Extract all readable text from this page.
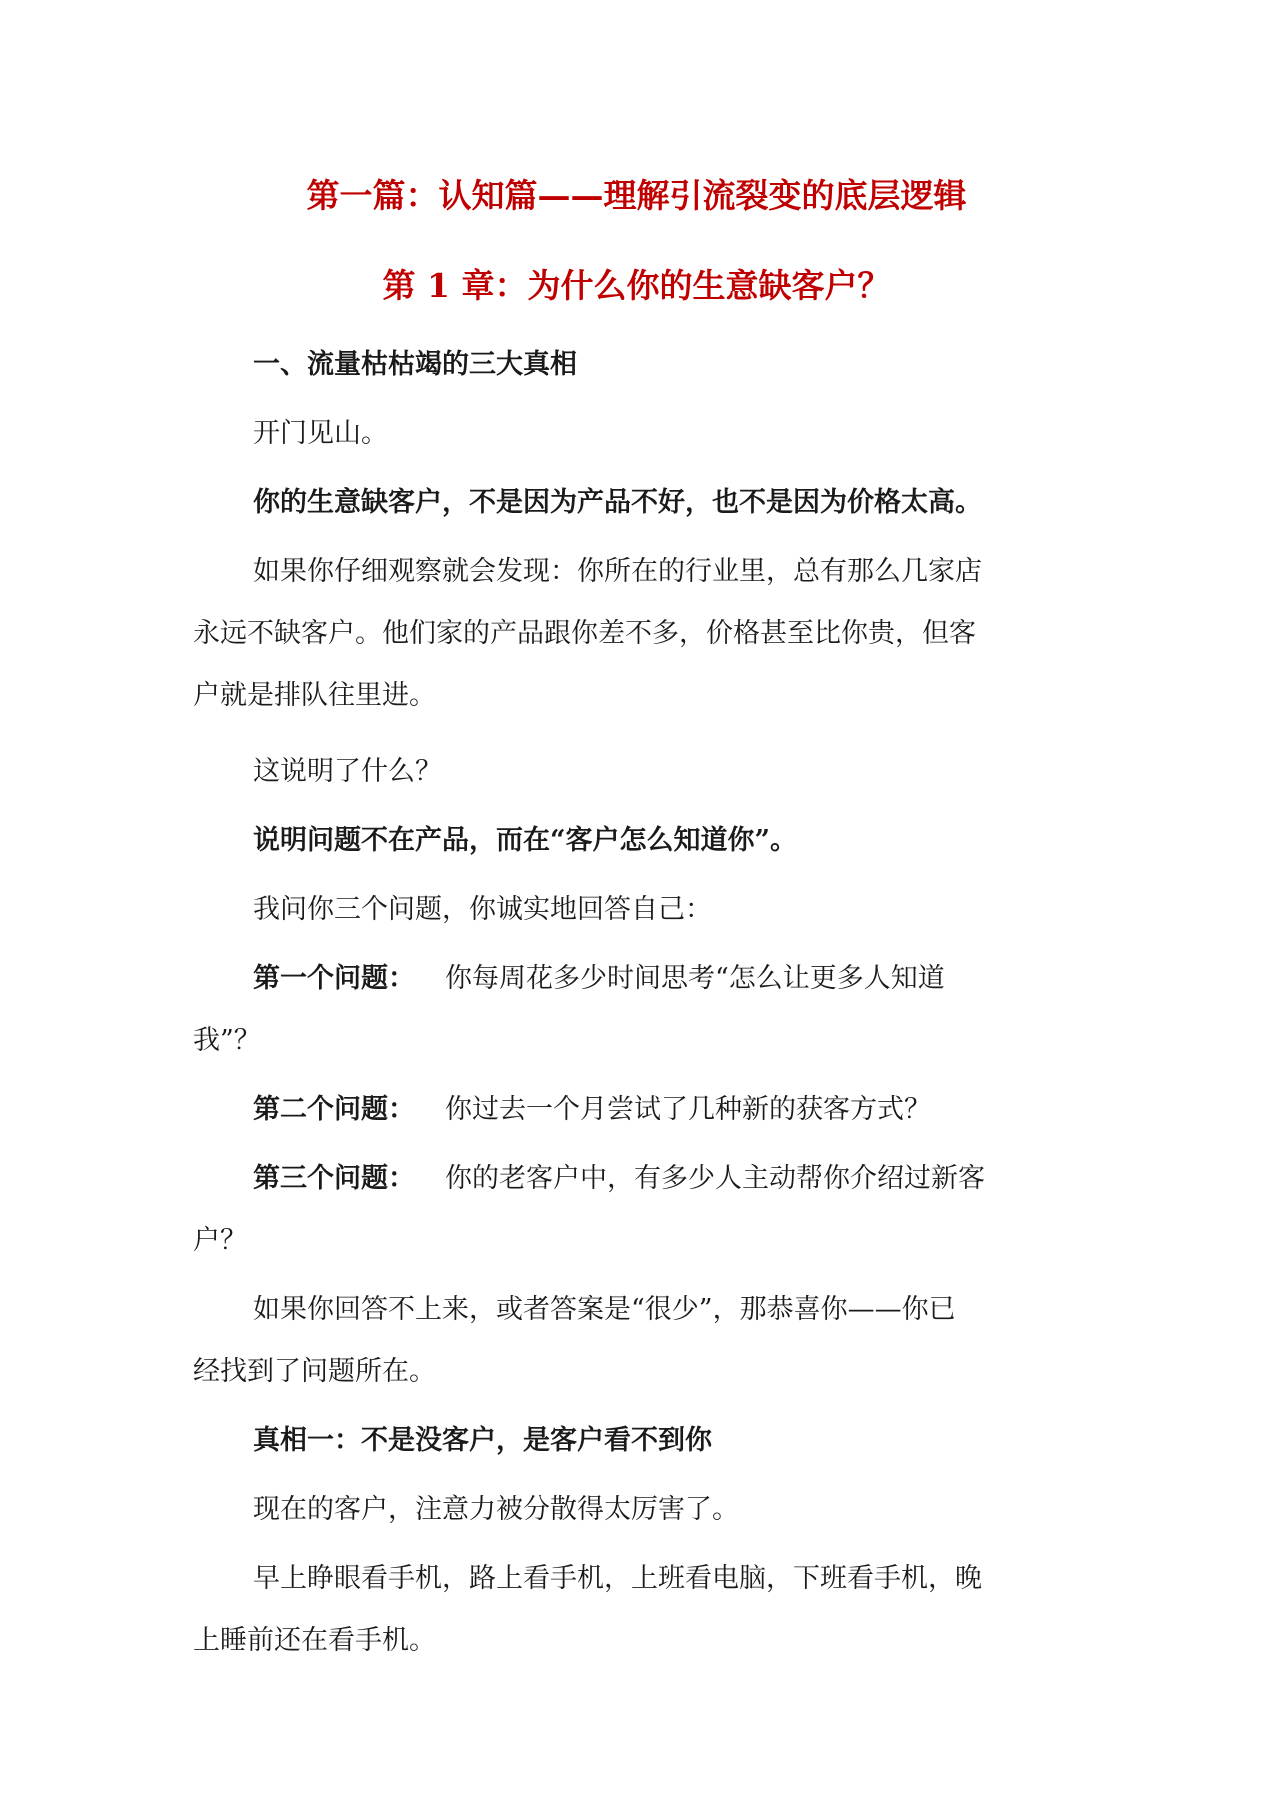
第一篇：认知篇——理解引流裂变的底层逻辑
第 1 章：为什么你的生意缺客户？
一、流量枯枯竭的三大真相
开门见山。
你的生意缺客户，不是因为产品不好，也不是因为价格太高。
如果你仔细观察就会发现：你所在的行业里，总有那么几家店
永远不缺客户。他们家的产品跟你差不多，价格甚至比你贵，但客
户就是排队往里进。
这说明了什么？
说明问题不在产品，而在“客户怎么知道你”。
我问你三个问题，你诚实地回答自己：
第一个问题： 你每周花多少时间思考“怎么让更多人知道
我”？
第二个问题： 你过去一个月尝试了几种新的获客方式？
第三个问题： 你的老客户中，有多少人主动帮你介绍过新客
户？
如果你回答不上来，或者答案是“很少”，那恭喜你——你已
经找到了问题所在。
真相一：不是没客户，是客户看不到你
现在的客户，注意力被分散得太厉害了。
早上睁眼看手机，路上看手机，上班看电脑，下班看手机，晚
上睡前还在看手机。
